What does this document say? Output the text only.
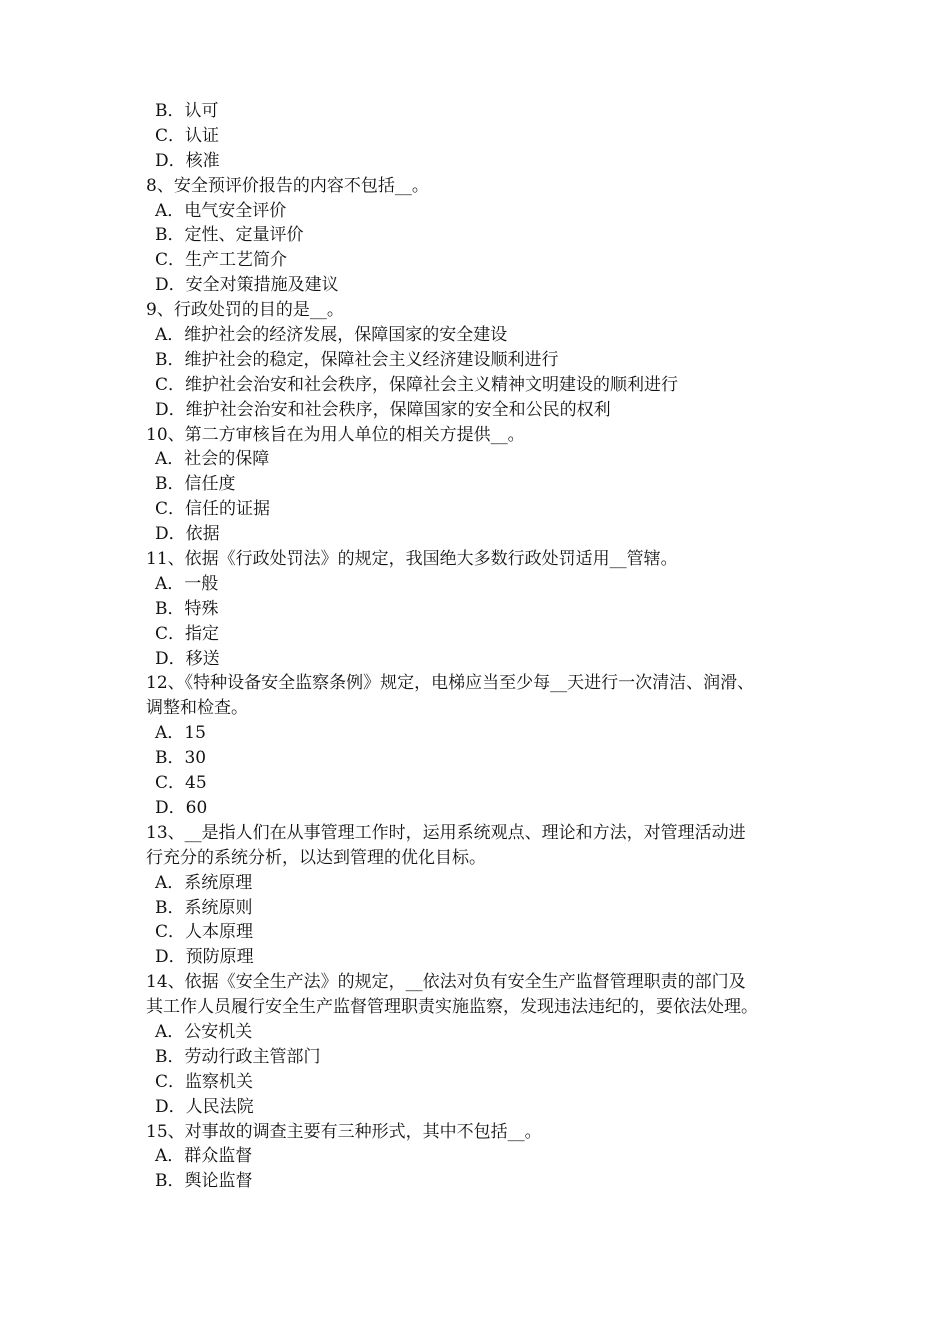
B．认可
C．认证
D．核准
8、安全预评价报告的内容不包括__。
A．电气安全评价
B．定性、定量评价
C．生产工艺简介
D．安全对策措施及建议
9、行政处罚的目的是__。
A．维护社会的经济发展，保障国家的安全建设
B．维护社会的稳定，保障社会主义经济建设顺利进行
C．维护社会治安和社会秩序，保障社会主义精神文明建设的顺利进行
D．维护社会治安和社会秩序，保障国家的安全和公民的权利
10、第二方审核旨在为用人单位的相关方提供__。
A．社会的保障
B．信任度
C．信任的证据
D．依据
11、依据《行政处罚法》的规定，我国绝大多数行政处罚适用__管辖。
A．一般
B．特殊
C．指定
D．移送
12、《特种设备安全监察条例》规定，电梯应当至少每__天进行一次清洁、润滑、
调整和检查。
A．15
B．30
C．45
D．60
13、__是指人们在从事管理工作时，运用系统观点、理论和方法，对管理活动进
行充分的系统分析，以达到管理的优化目标。
A．系统原理
B．系统原则
C．人本原理
D．预防原理
14、依据《安全生产法》的规定，__依法对负有安全生产监督管理职责的部门及
其工作人员履行安全生产监督管理职责实施监察，发现违法违纪的，要依法处理。
A．公安机关
B．劳动行政主管部门
C．监察机关
D．人民法院
15、对事故的调查主要有三种形式，其中不包括__。
A．群众监督
B．舆论监督
